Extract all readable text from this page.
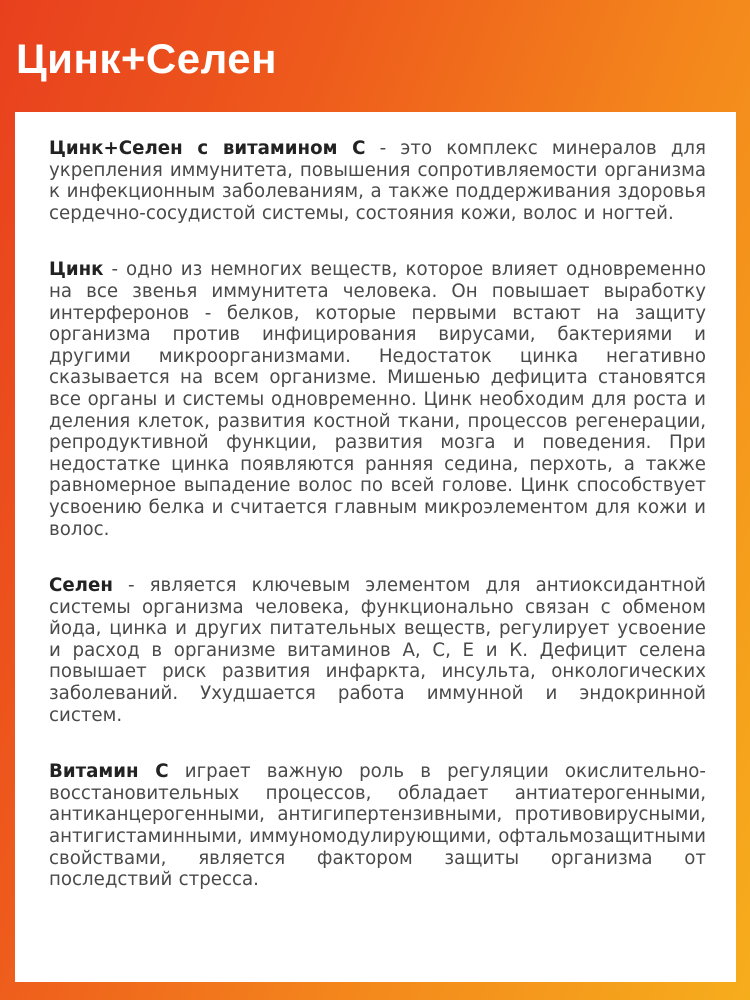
Цинк+Селен

Цинк+Селен с витамином С - это комплекс минералов для укрепления иммунитета, повышения сопротивляемости организма к инфекционным заболеваниям, а также поддерживания здоровья сердечно-сосудистой системы, состояния кожи, волос и ногтей.

Цинк - одно из немногих веществ, которое влияет одновременно на все звенья иммунитета человека. Он повышает выработку интерферонов - белков, которые первыми встают на защиту организма против инфицирования вирусами, бактериями и другими микроорганизмами. Недостаток цинка негативно сказывается на всем организме. Мишенью дефицита становятся все органы и системы одновременно. Цинк необходим для роста и деления клеток, развития костной ткани, процессов регенерации, репродуктивной функции, развития мозга и поведения. При недостатке цинка появляются ранняя седина, перхоть, а также равномерное выпадение волос по всей голове. Цинк способствует усвоению белка и считается главным микроэлементом для кожи и волос.

Селен - является ключевым элементом для антиоксидантной системы организма человека, функционально связан с обменом йода, цинка и других питательных веществ, регулирует усвоение и расход в организме витаминов А, С, Е и К. Дефицит селена повышает риск развития инфаркта, инсульта, онкологических заболеваний. Ухудшается работа иммунной и эндокринной систем.

Витамин С играет важную роль в регуляции окислительно-восстановительных процессов, обладает антиатерогенными, антиканцерогенными, антигипертензивными, противовирусными, антигистаминными, иммуномодулирующими, офтальмозащитными свойствами, является фактором защиты организма от последствий стресса.
